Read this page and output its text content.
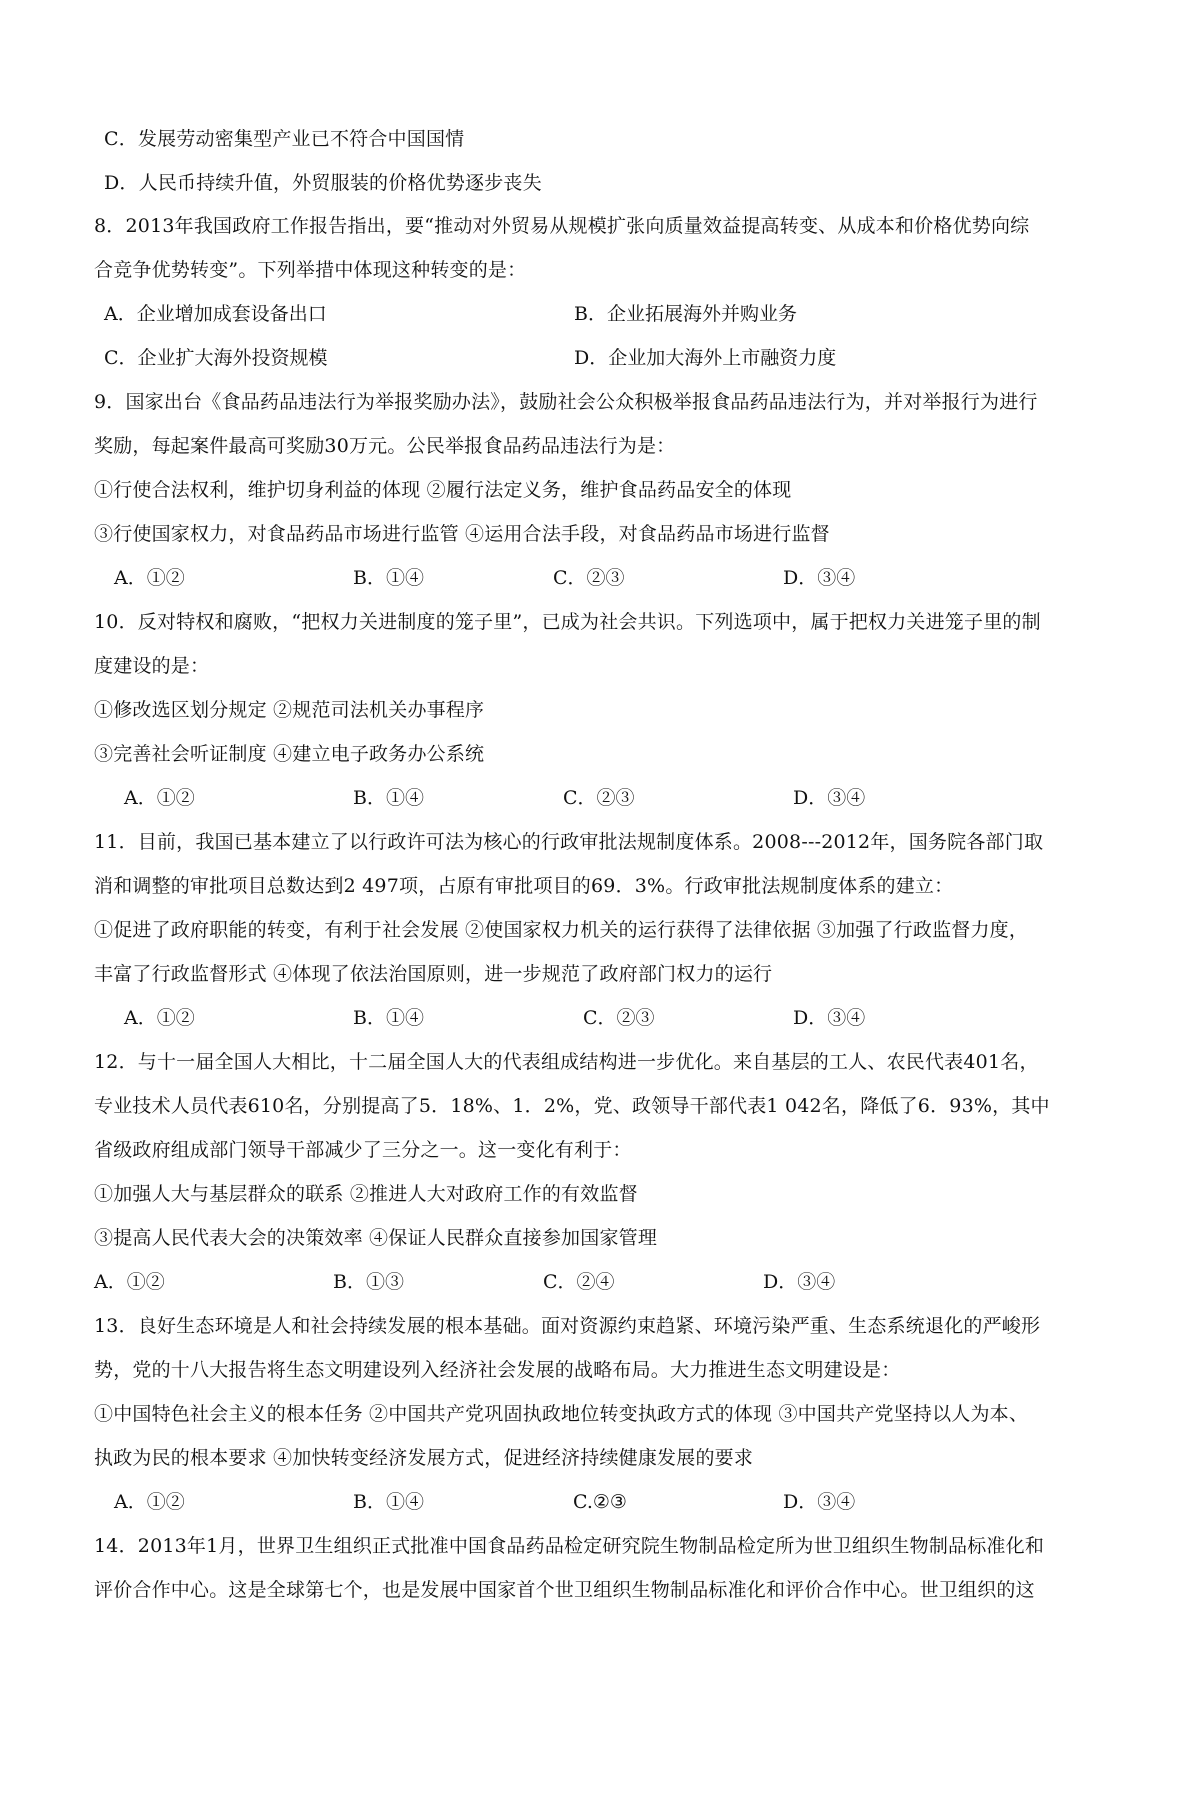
C．发展劳动密集型产业已不符合中国国情
D．人民币持续升值，外贸服装的价格优势逐步丧失
8．2013年我国政府工作报告指出，要“推动对外贸易从规模扩张向质量效益提高转变、从成本和价格优势向综
合竞争优势转变”。下列举措中体现这种转变的是：
A．企业增加成套设备出口	B．企业拓展海外并购业务
C．企业扩大海外投资规模	D．企业加大海外上市融资力度
9．国家出台《食品药品违法行为举报奖励办法》，鼓励社会公众积极举报食品药品违法行为，并对举报行为进行
奖励，每起案件最高可奖励30万元。公民举报食品药品违法行为是：
①行使合法权利，维护切身利益的体现 ②履行法定义务，维护食品药品安全的体现
③行使国家权力，对食品药品市场进行监管 ④运用合法手段，对食品药品市场进行监督
A．①②	B．①④	C．②③	D．③④
10．反对特权和腐败，“把权力关进制度的笼子里”，已成为社会共识。下列选项中，属于把权力关进笼子里的制
度建设的是：
①修改选区划分规定 ②规范司法机关办事程序
③完善社会听证制度 ④建立电子政务办公系统
A．①②	B．①④	C．②③	D．③④
11．目前，我国已基本建立了以行政许可法为核心的行政审批法规制度体系。2008---2012年，国务院各部门取
消和调整的审批项目总数达到2 497项，占原有审批项目的69．3%。行政审批法规制度体系的建立：
①促进了政府职能的转变，有利于社会发展 ②使国家权力机关的运行获得了法律依据 ③加强了行政监督力度，
丰富了行政监督形式 ④体现了依法治国原则，进一步规范了政府部门权力的运行
A．①②	B．①④	C．②③	D．③④
12．与十一届全国人大相比，十二届全国人大的代表组成结构进一步优化。来自基层的工人、农民代表401名，
专业技术人员代表610名，分别提高了5．18%、1．2%，党、政领导干部代表1 042名，降低了6．93%，其中
省级政府组成部门领导干部减少了三分之一。这一变化有利于：
①加强人大与基层群众的联系 ②推进人大对政府工作的有效监督
③提高人民代表大会的决策效率 ④保证人民群众直接参加国家管理
A．①②	B．①③	C．②④	D．③④
13．良好生态环境是人和社会持续发展的根本基础。面对资源约束趋紧、环境污染严重、生态系统退化的严峻形
势，党的十八大报告将生态文明建设列入经济社会发展的战略布局。大力推进生态文明建设是：
①中国特色社会主义的根本任务 ②中国共产党巩固执政地位转变执政方式的体现 ③中国共产党坚持以人为本、
执政为民的根本要求 ④加快转变经济发展方式，促进经济持续健康发展的要求
A．①②	B．①④	C.②③	D．③④
14．2013年1月，世界卫生组织正式批准中国食品药品检定研究院生物制品检定所为世卫组织生物制品标准化和
评价合作中心。这是全球第七个，也是发展中国家首个世卫组织生物制品标准化和评价合作中心。世卫组织的这
